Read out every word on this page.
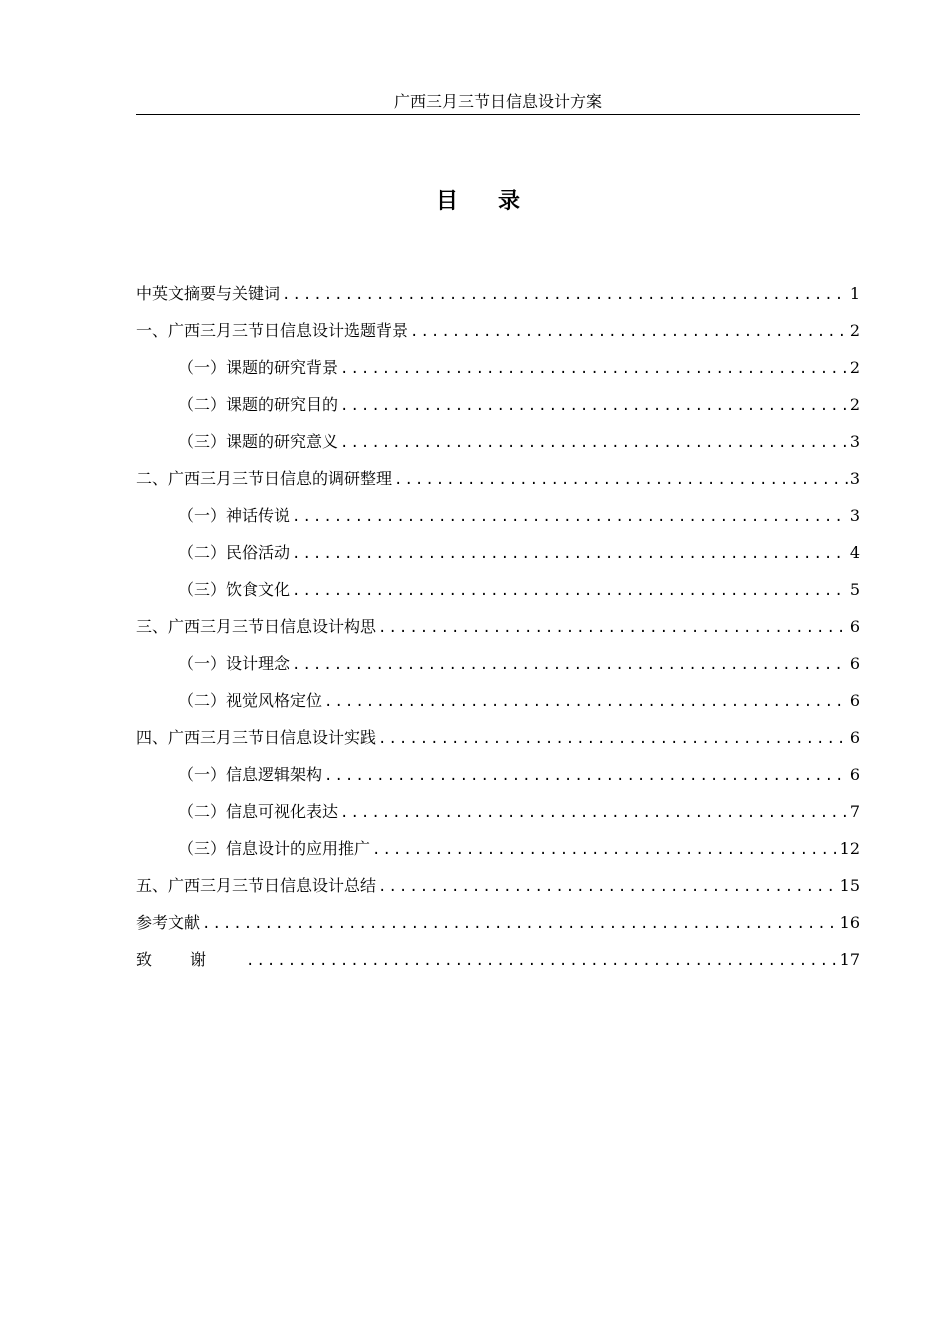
广西三月三节日信息设计方案
目录
中英文摘要与关键词 .....	1
一、 广西三月三节日信息设计选题背景 .....	2
（一） 课题的研究背景 .....	2
（二） 课题的研究目的 .....	2
（三） 课题的研究意义 .....	3
二、 广西三月三节日信息的调研整理 .....	3
（一） 神话传说 .....	3
（二） 民俗活动 .....	4
（三） 饮食文化 .....	5
三、 广西三月三节日信息设计构思 .....	6
（一） 设计理念 .....	6
（二） 视觉风格定位 .....	6
四、 广西三月三节日信息设计实践 .....	6
（一） 信息逻辑架构 .....	6
（二） 信息可视化表达 .....	7
（三） 信息设计的应用推广 .....	12
五、 广西三月三节日信息设计总结 .....	15
参考文献 .....	16
致谢 .....	17
